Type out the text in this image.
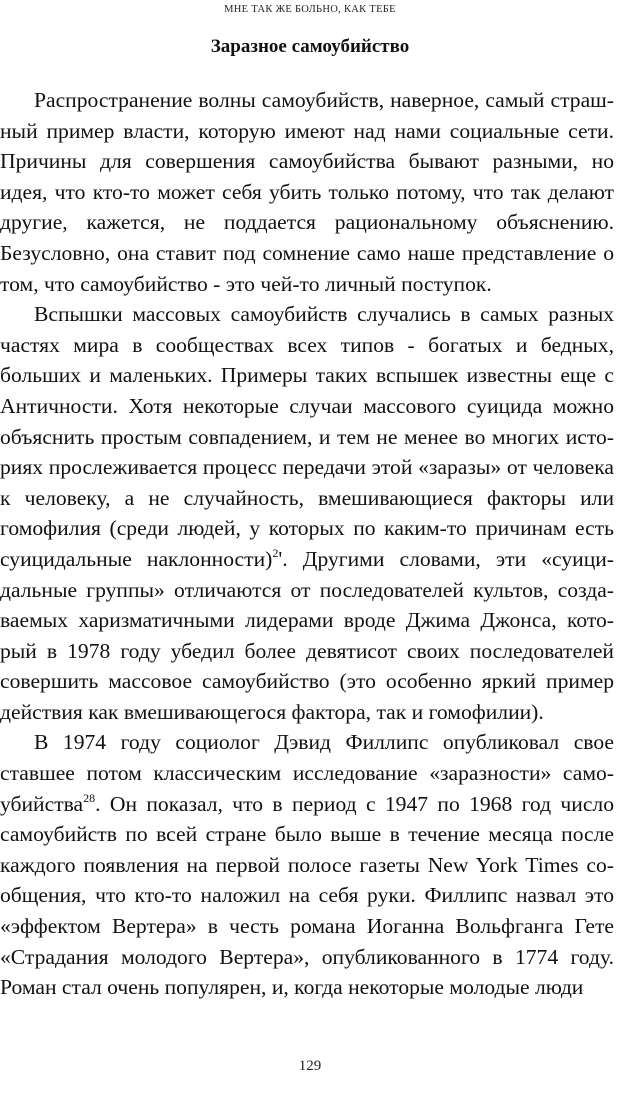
МНЕ ТАК ЖЕ БОЛЬНО, КАК ТЕБЕ
Заразное самоубийство

Распространение волны самоубийств, наверное, самый страш-
ный пример власти, которую имеют над нами социальные сети.
Причины для совершения самоубийства бывают разными, но
идея, что кто-то может себя убить только потому, что так делают
другие, кажется, не поддается рациональному объяснению.
Безусловно, она ставит под сомнение само наше представление о
том, что самоубийство - это чей-то личный поступок.

Вспышки массовых самоубийств случались в самых разных
частях мира в сообществах всех типов - богатых и бедных,
больших и маленьких. Примеры таких вспышек известны еще с
Античности. Хотя некоторые случаи массового суицида можно
объяснить простым совпадением, и тем не менее во многих исто-
риях прослеживается процесс передачи этой «заразы» от человека
к человеку, а не случайность, вмешивающиеся факторы или
гомофилия (среди людей, у которых по каким-то причинам есть
суицидальные наклонности)$^2$'. Другими словами, эти «суици-
дальные группы» отличаются от последователей культов, созда-
ваемых харизматичными лидерами вроде Джима Джонса, кото-
рый в 1978 году убедил более девятисот своих последователей
совершить массовое самоубийство (это особенно яркий пример
действия как вмешивающегося фактора, так и гомофилии).

В 1974 году социолог Дэвид Филлипс опубликовал свое
ставшее потом классическим исследование «заразности» само-
убийства$^{28}$. Он показал, что в период с 1947 по 1968 год число
самоубийств по всей стране было выше в течение месяца после
каждого появления на первой полосе газеты New York Times со-
общения, что кто-то наложил на себя руки. Филлипс назвал это
«эффектом Вертера» в честь романа Иоганна Вольфганга Гете
«Страдания молодого Вертера», опубликованного в 1774 году.
Роман стал очень популярен, и, когда некоторые молодые люди

129
